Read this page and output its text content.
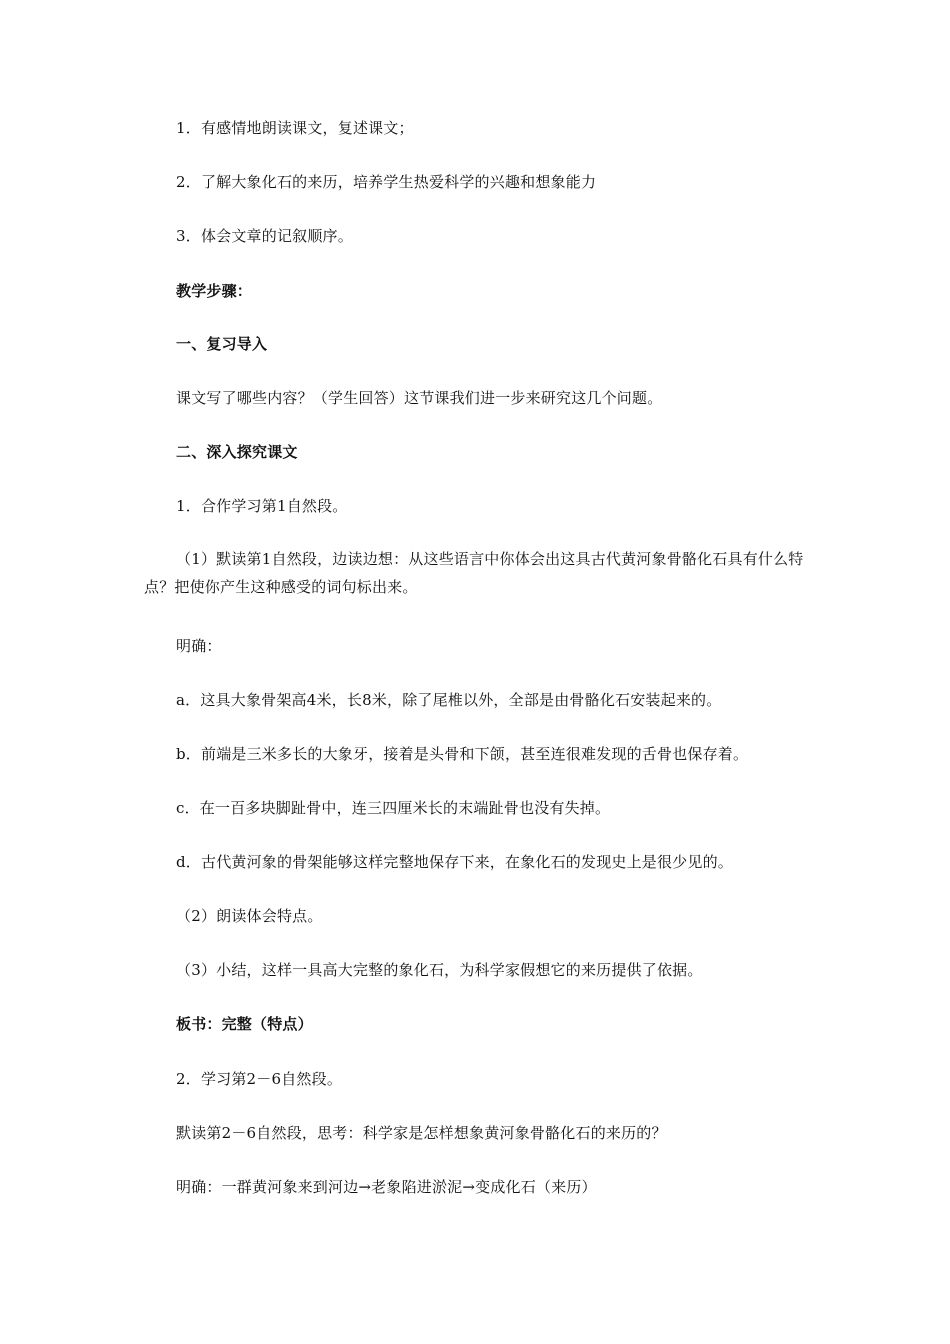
1．有感情地朗读课文，复述课文；
2．了解大象化石的来历，培养学生热爱科学的兴趣和想象能力
3．体会文章的记叙顺序。
教学步骤：
一、复习导入
课文写了哪些内容？（学生回答）这节课我们进一步来研究这几个问题。
二、深入探究课文
1．合作学习第1自然段。
（1）默读第1自然段，边读边想：从这些语言中你体会出这具古代黄河象骨骼化石具有什么特点？把使你产生这种感受的词句标出来。
明确：
a．这具大象骨架高4米，长8米，除了尾椎以外，全部是由骨骼化石安装起来的。
b．前端是三米多长的大象牙，接着是头骨和下颌，甚至连很难发现的舌骨也保存着。
c．在一百多块脚趾骨中，连三四厘米长的末端趾骨也没有失掉。
d．古代黄河象的骨架能够这样完整地保存下来，在象化石的发现史上是很少见的。
（2）朗读体会特点。
（3）小结，这样一具高大完整的象化石，为科学家假想它的来历提供了依据。
板书：完整（特点）
2．学习第2－6自然段。
默读第2－6自然段，思考：科学家是怎样想象黄河象骨骼化石的来历的？
明确：一群黄河象来到河边→老象陷进淤泥→变成化石（来历）
